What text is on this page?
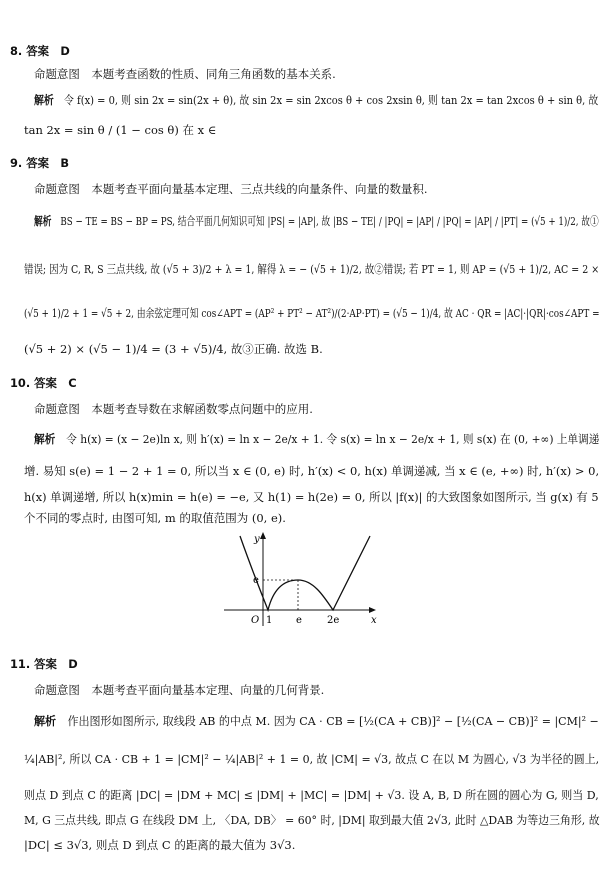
8. 答案　D
命题意图　本题考查函数的性质、同角三角函数的基本关系.
解析 令 f(x) = 0, 则 sin 2x = sin(2x + θ), 故 sin 2x = sin 2xcos θ + cos 2xsin θ, 则 tan 2x = tan 2xcos θ + sin θ, 故
tan 2x = sin θ / (1 − cos θ) 在 x ∈
9. 答案　B
命题意图　本题考查平面向量基本定理、三点共线的向量条件、向量的数量积.
解析 BS − TE = BS − BP = PS, 结合平面几何知识可知 |PS| = |AP|, 故 |BS − TE| / |PQ| = |AP| / |PQ| = |AP| / |PT| = (√5 + 1)/2, 故①
错误; 因为 C, R, S 三点共线, 故 (√5 + 3)/2 + λ = 1, 解得 λ = − (√5 + 1)/2, 故②错误; 若 PT = 1, 则 AP = (√5 + 1)/2, AC = 2 ×
(√5 + 1)/2 + 1 = √5 + 2, 由余弦定理可知 cos∠APT = (AP² + PT² − AT²)/(2·AP·PT) = (√5 − 1)/4, 故 AC · QR = |AC|·|QR|·cos∠APT =
(√5 + 2) × (√5 − 1)/4 = (3 + √5)/4, 故③正确. 故选 B.
10. 答案　C
命题意图　本题考查导数在求解函数零点问题中的应用.
解析 令 h(x) = (x − 2e)ln x, 则 h′(x) = ln x − 2e/x + 1. 令 s(x) = ln x − 2e/x + 1, 则 s(x) 在 (0, +∞) 上单调递
增. 易知 s(e) = 1 − 2 + 1 = 0, 所以当 x ∈ (0, e) 时, h′(x) < 0, h(x) 单调递减, 当 x ∈ (e, +∞) 时, h′(x) > 0,
h(x) 单调递增, 所以 h(x)min = h(e) = −e, 又 h(1) = h(2e) = 0, 所以 |f(x)| 的大致图象如图所示, 当 g(x) 有 5
个不同的零点时, 由图可知, m 的取值范围为 (0, e).
y
x
O
e
1 e	2e
11. 答案　D
命题意图　本题考查平面向量基本定理、向量的几何背景.
解析 作出图形如图所示, 取线段 AB 的中点 M. 因为 CA · CB = [½(CA + CB)]² − [½(CA − CB)]² = |CM|² −
¼|AB|², 所以 CA · CB + 1 = |CM|² − ¼|AB|² + 1 = 0, 故 |CM| = √3, 故点 C 在以 M 为圆心, √3 为半径的圆上,
则点 D 到点 C 的距离 |DC| = |DM + MC| ≤ |DM| + |MC| = |DM| + √3. 设 A, B, D 所在圆的圆心为 G, 则当 D,
M, G 三点共线, 即点 G 在线段 DM 上, 〈DA, DB〉 = 60° 时, |DM| 取到最大值 2√3, 此时 △DAB 为等边三角形, 故
|DC| ≤ 3√3, 则点 D 到点 C 的距离的最大值为 3√3.
